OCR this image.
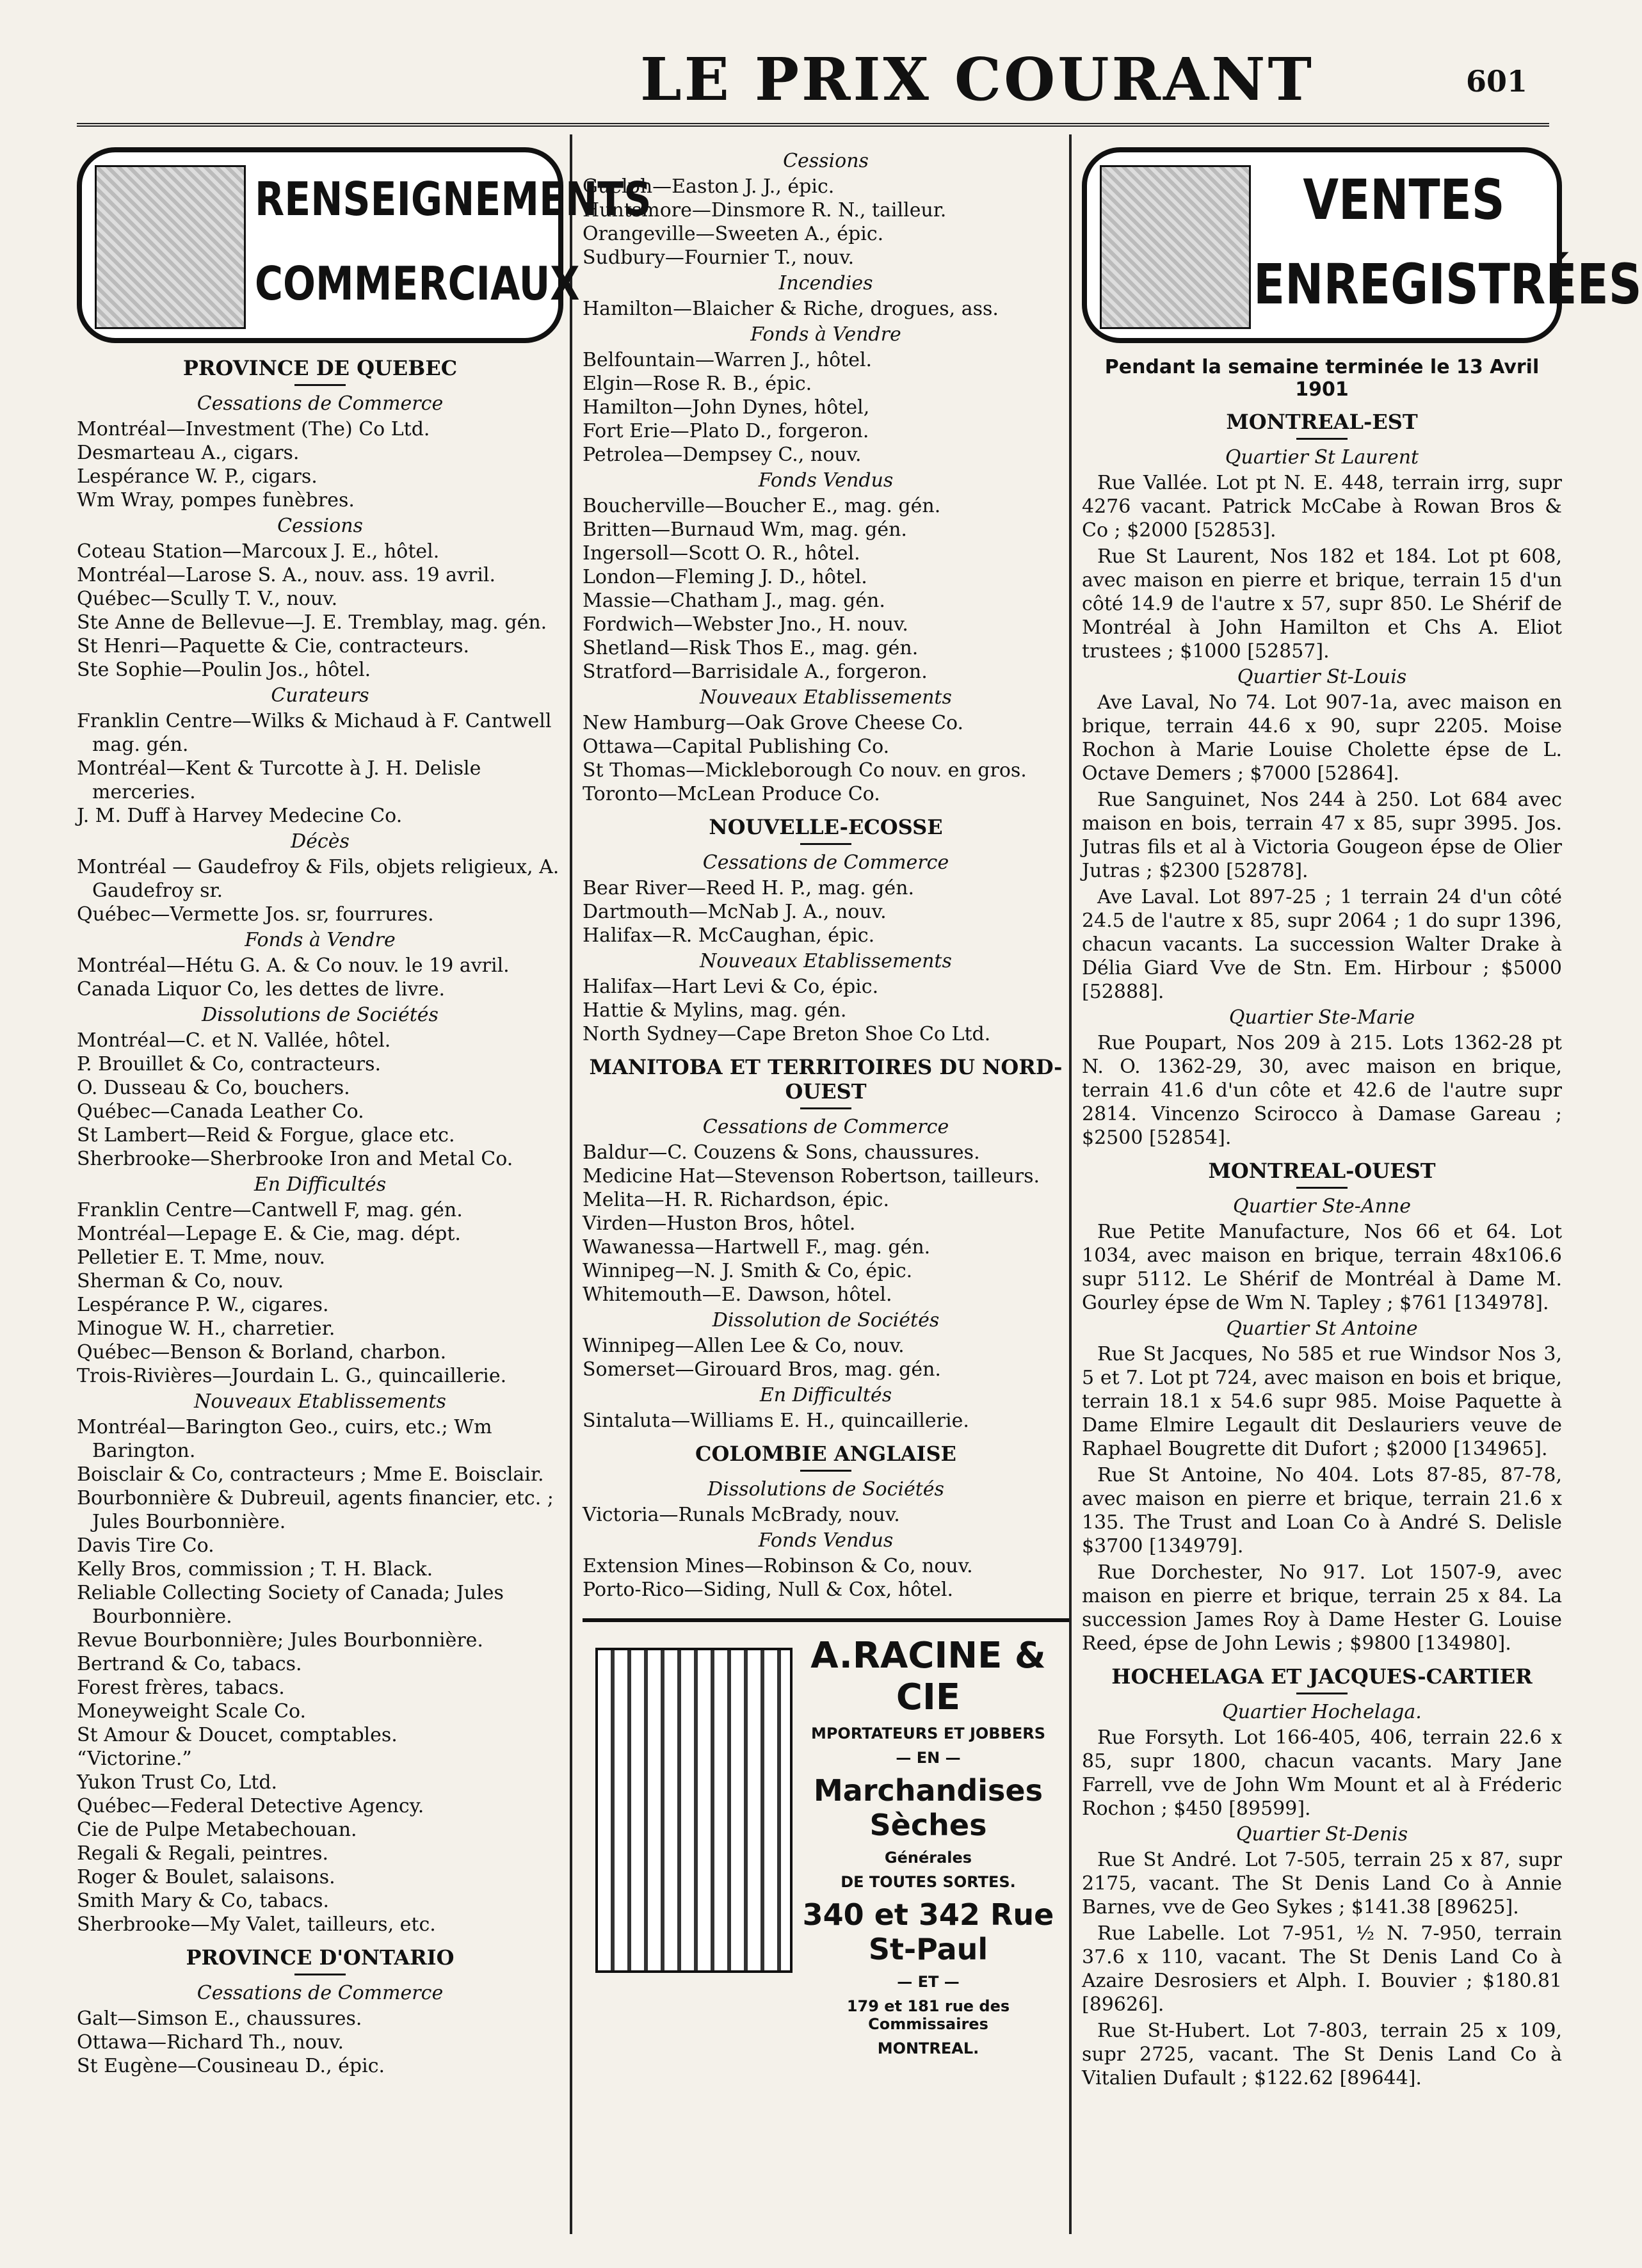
LE PRIX COURANT	601
RENSEIGNEMENTS
COMMERCIAUX
PROVINCE DE QUEBEC
Cessations de Commerce

Montréal—Investment (The) Co Ltd.

Desmarteau A., cigars.

Lespérance W. P., cigars.

Wm Wray, pompes funèbres.

Cessions

Coteau Station—Marcoux J. E., hôtel.

Montréal—Larose S. A., nouv. ass. 19 avril.

Québec—Scully T. V., nouv.

Ste Anne de Bellevue—J. E. Tremblay, mag. gén.

St Henri—Paquette & Cie, contracteurs.

Ste Sophie—Poulin Jos., hôtel.

Curateurs

Franklin Centre—Wilks & Michaud à F. Cantwell mag. gén.

Montréal—Kent & Turcotte à J. H. Delisle merceries.

J. M. Duff à Harvey Medecine Co.

Décès

Montréal — Gaudefroy & Fils, objets religieux, A. Gaudefroy sr.

Québec—Vermette Jos. sr, fourrures.

Fonds à Vendre

Montréal—Hétu G. A. & Co nouv. le 19 avril.

Canada Liquor Co, les dettes de livre.

Dissolutions de Sociétés

Montréal—C. et N. Vallée, hôtel.

P. Brouillet & Co, contracteurs.

O. Dusseau & Co, bouchers.

Québec—Canada Leather Co.

St Lambert—Reid & Forgue, glace etc.

Sherbrooke—Sherbrooke Iron and Metal Co.

En Difficultés

Franklin Centre—Cantwell F, mag. gén.

Montréal—Lepage E. & Cie, mag. dépt.

Pelletier E. T. Mme, nouv.

Sherman & Co, nouv.

Lespérance P. W., cigares.

Minogue W. H., charretier.

Québec—Benson & Borland, charbon.

Trois-Rivières—Jourdain L. G., quincaillerie.

Nouveaux Etablissements

Montréal—Barington Geo., cuirs, etc.; Wm Barington.

Boisclair & Co, contracteurs ; Mme E. Boisclair.

Bourbonnière & Dubreuil, agents financier, etc. ; Jules Bourbonnière.

Davis Tire Co.

Kelly Bros, commission ; T. H. Black.

Reliable Collecting Society of Canada; Jules Bourbonnière.

Revue Bourbonnière; Jules Bourbonnière.

Bertrand & Co, tabacs.

Forest frères, tabacs.

Moneyweight Scale Co.

St Amour & Doucet, comptables.

“Victorine.”

Yukon Trust Co, Ltd.

Québec—Federal Detective Agency.

Cie de Pulpe Metabechouan.

Regali & Regali, peintres.

Roger & Boulet, salaisons.

Smith Mary & Co, tabacs.

Sherbrooke—My Valet, tailleurs, etc.

PROVINCE D'ONTARIO
Cessations de Commerce

Galt—Simson E., chaussures.

Ottawa—Richard Th., nouv.

St Eugène—Cousineau D., épic.

Cessions

Guelph—Easton J. J., épic.

Huntsmore—Dinsmore R. N., tailleur.

Orangeville—Sweeten A., épic.

Sudbury—Fournier T., nouv.

Incendies

Hamilton—Blaicher & Riche, drogues, ass.

Fonds à Vendre

Belfountain—Warren J., hôtel.

Elgin—Rose R. B., épic.

Hamilton—John Dynes, hôtel,

Fort Erie—Plato D., forgeron.

Petrolea—Dempsey C., nouv.

Fonds Vendus

Boucherville—Boucher E., mag. gén.

Britten—Burnaud Wm, mag. gén.

Ingersoll—Scott O. R., hôtel.

London—Fleming J. D., hôtel.

Massie—Chatham J., mag. gén.

Fordwich—Webster Jno., H. nouv.

Shetland—Risk Thos E., mag. gén.

Stratford—Barrisidale A., forgeron.

Nouveaux Etablissements

New Hamburg—Oak Grove Cheese Co.

Ottawa—Capital Publishing Co.

St Thomas—Mickleborough Co nouv. en gros.

Toronto—McLean Produce Co.

NOUVELLE-ECOSSE
Cessations de Commerce

Bear River—Reed H. P., mag. gén.

Dartmouth—McNab J. A., nouv.

Halifax—R. McCaughan, épic.

Nouveaux Etablissements

Halifax—Hart Levi & Co, épic.

Hattie & Mylins, mag. gén.

North Sydney—Cape Breton Shoe Co Ltd.

MANITOBA ET TERRITOIRES DU NORD-OUEST
Cessations de Commerce

Baldur—C. Couzens & Sons, chaussures.

Medicine Hat—Stevenson Robertson, tailleurs.

Melita—H. R. Richardson, épic.

Virden—Huston Bros, hôtel.

Wawanessa—Hartwell F., mag. gén.

Winnipeg—N. J. Smith & Co, épic.

Whitemouth—E. Dawson, hôtel.

Dissolution de Sociétés

Winnipeg—Allen Lee & Co, nouv.

Somerset—Girouard Bros, mag. gén.

En Difficultés

Sintaluta—Williams E. H., quincaillerie.

COLOMBIE ANGLAISE
Dissolutions de Sociétés

Victoria—Runals McBrady, nouv.

Fonds Vendus

Extension Mines—Robinson & Co, nouv.

Porto-Rico—Siding, Null & Cox, hôtel.

A.RACINE & CIE
MPORTATEURS ET JOBBERS
— EN —
Marchandises Sèches
Générales
DE TOUTES SORTES.
340 et 342 Rue St-Paul
— ET —
179 et 181 rue des Commissaires
MONTREAL.
VENTES
ENREGISTRÉES
Pendant la semaine terminée le 13 Avril 1901
MONTREAL-EST
Quartier St Laurent

Rue Vallée. Lot pt N. E. 448, terrain irrg, supr 4276 vacant. Patrick McCabe à Rowan Bros & Co ; $2000 [52853].

Rue St Laurent, Nos 182 et 184. Lot pt 608, avec maison en pierre et brique, terrain 15 d'un côté 14.9 de l'autre x 57, supr 850. Le Shérif de Montréal à John Hamilton et Chs A. Eliot trustees ; $1000 [52857].

Quartier St-Louis

Ave Laval, No 74. Lot 907-1a, avec maison en brique, terrain 44.6 x 90, supr 2205. Moise Rochon à Marie Louise Cholette épse de L. Octave Demers ; $7000 [52864].

Rue Sanguinet, Nos 244 à 250. Lot 684 avec maison en bois, terrain 47 x 85, supr 3995. Jos. Jutras fils et al à Victoria Gougeon épse de Olier Jutras ; $2300 [52878].

Ave Laval. Lot 897-25 ; 1 terrain 24 d'un côté 24.5 de l'autre x 85, supr 2064 ; 1 do supr 1396, chacun vacants. La succession Walter Drake à Délia Giard Vve de Stn. Em. Hirbour ; $5000 [52888].

Quartier Ste-Marie

Rue Poupart, Nos 209 à 215. Lots 1362-28 pt N. O. 1362-29, 30, avec maison en brique, terrain 41.6 d'un côte et 42.6 de l'autre supr 2814. Vincenzo Scirocco à Damase Gareau ; $2500 [52854].

MONTREAL-OUEST
Quartier Ste-Anne

Rue Petite Manufacture, Nos 66 et 64. Lot 1034, avec maison en brique, terrain 48x106.6 supr 5112. Le Shérif de Montréal à Dame M. Gourley épse de Wm N. Tapley ; $761 [134978].

Quartier St Antoine

Rue St Jacques, No 585 et rue Windsor Nos 3, 5 et 7. Lot pt 724, avec maison en bois et brique, terrain 18.1 x 54.6 supr 985. Moise Paquette à Dame Elmire Legault dit Deslauriers veuve de Raphael Bougrette dit Dufort ; $2000 [134965].

Rue St Antoine, No 404. Lots 87-85, 87-78, avec maison en pierre et brique, terrain 21.6 x 135. The Trust and Loan Co à André S. Delisle $3700 [134979].

Rue Dorchester, No 917. Lot 1507-9, avec maison en pierre et brique, terrain 25 x 84. La succession James Roy à Dame Hester G. Louise Reed, épse de John Lewis ; $9800 [134980].

HOCHELAGA ET JACQUES-CARTIER
Quartier Hochelaga.

Rue Forsyth. Lot 166-405, 406, terrain 22.6 x 85, supr 1800, chacun vacants. Mary Jane Farrell, vve de John Wm Mount et al à Fréderic Rochon ; $450 [89599].

Quartier St-Denis

Rue St André. Lot 7-505, terrain 25 x 87, supr 2175, vacant. The St Denis Land Co à Annie Barnes, vve de Geo Sykes ; $141.38 [89625].

Rue Labelle. Lot 7-951, ½ N. 7-950, terrain 37.6 x 110, vacant. The St Denis Land Co à Azaire Desrosiers et Alph. I. Bouvier ; $180.81 [89626].

Rue St-Hubert. Lot 7-803, terrain 25 x 109, supr 2725, vacant. The St Denis Land Co à Vitalien Dufault ; $122.62 [89644].
